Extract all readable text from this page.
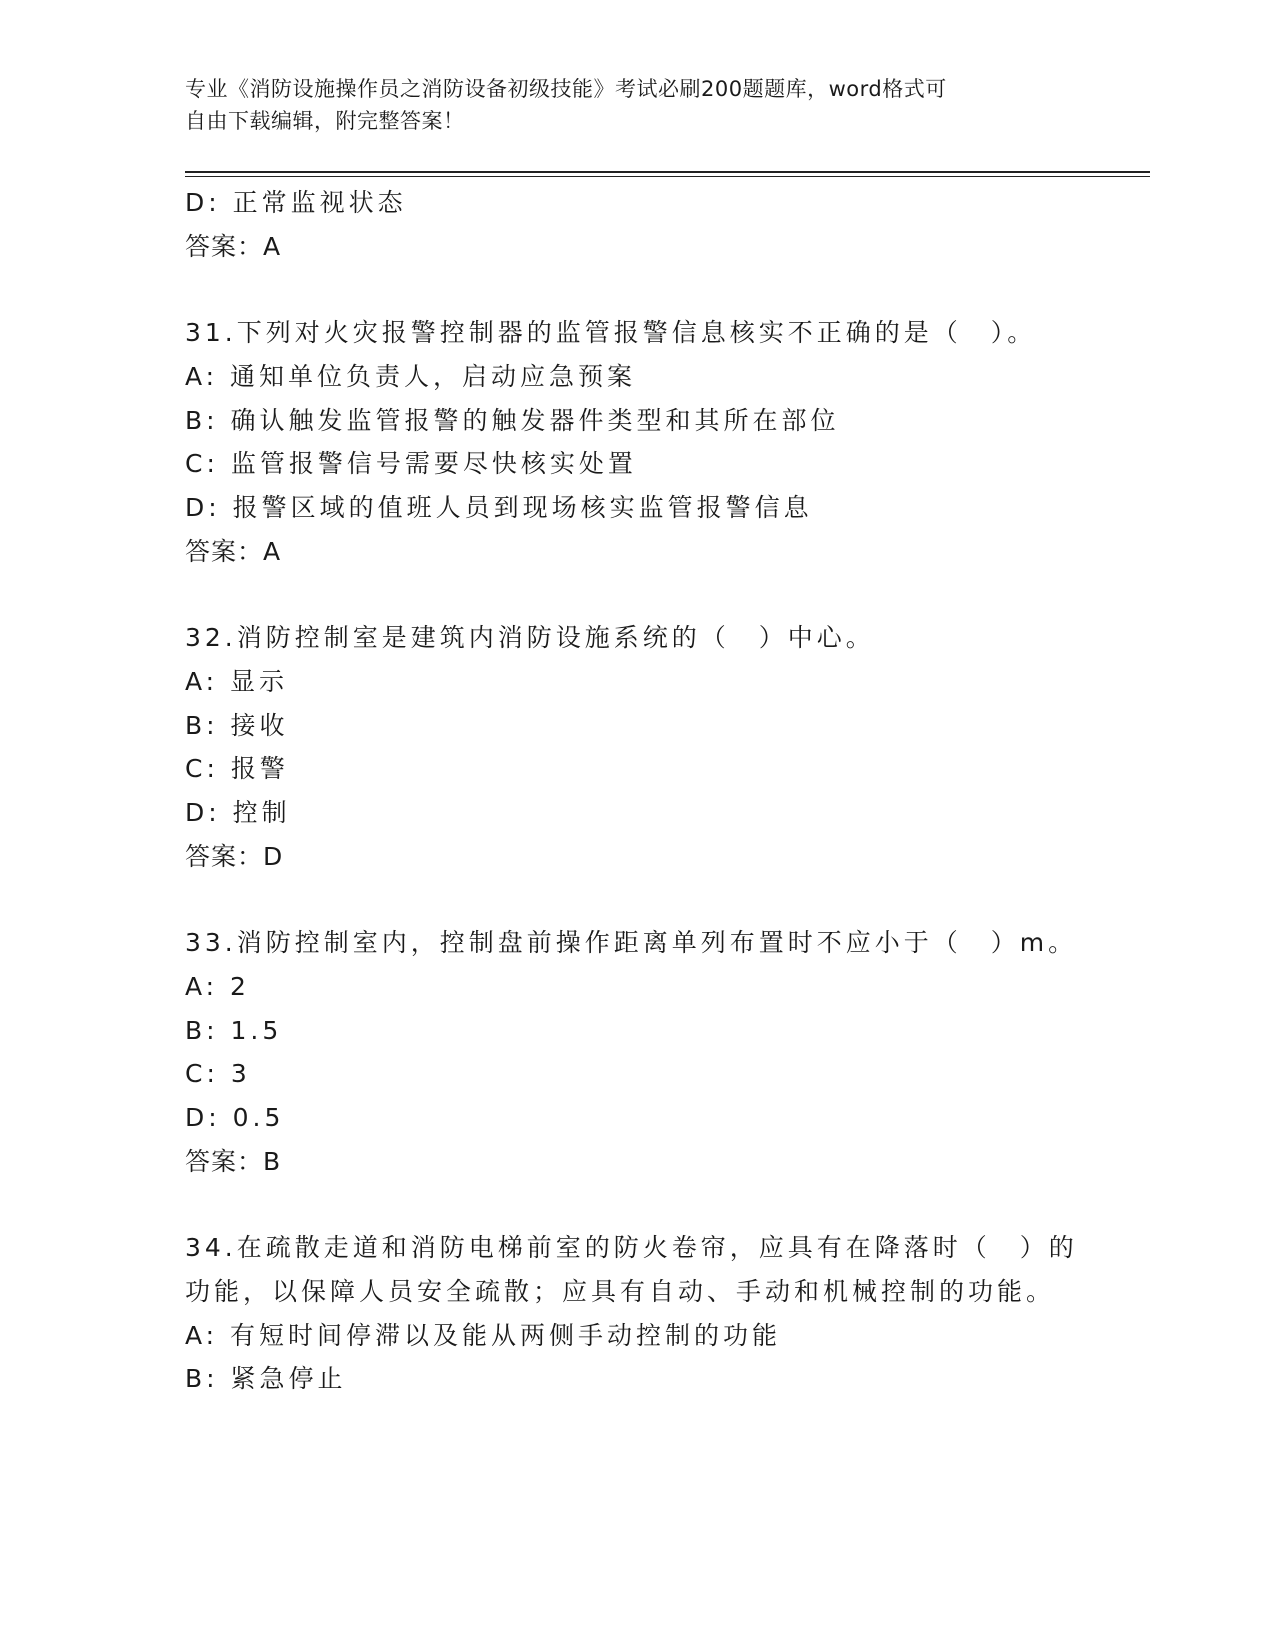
专业《消防设施操作员之消防设备初级技能》考试必刷200题题库，word格式可
自由下载编辑，附完整答案！
D: 正常监视状态
答案：A
31.下列对火灾报警控制器的监管报警信息核实不正确的是（　）。
A: 通知单位负责人，启动应急预案
B: 确认触发监管报警的触发器件类型和其所在部位
C: 监管报警信号需要尽快核实处置
D: 报警区域的值班人员到现场核实监管报警信息
答案：A
32.消防控制室是建筑内消防设施系统的（　）中心。
A: 显示
B: 接收
C: 报警
D: 控制
答案：D
33.消防控制室内，控制盘前操作距离单列布置时不应小于（　）m。
A: 2
B: 1.5
C: 3
D: 0.5
答案：B
34.在疏散走道和消防电梯前室的防火卷帘，应具有在降落时（　）的
功能，以保障人员安全疏散；应具有自动、手动和机械控制的功能。
A: 有短时间停滞以及能从两侧手动控制的功能
B: 紧急停止
